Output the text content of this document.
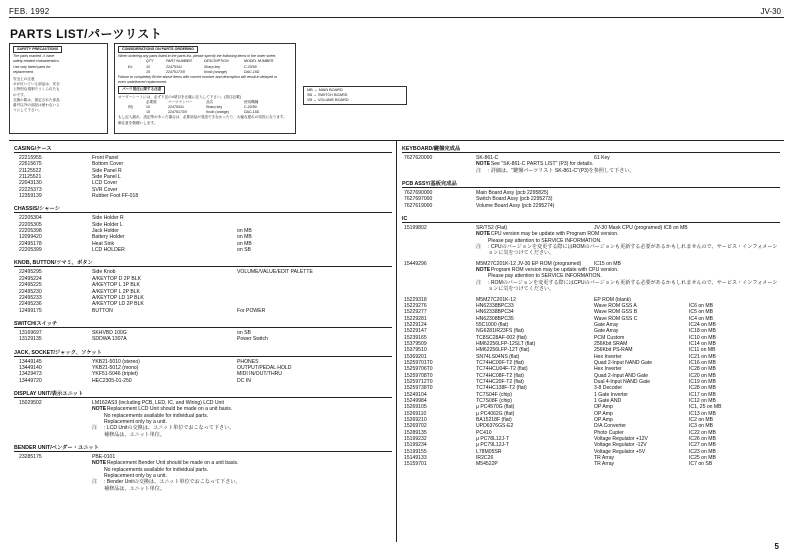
FEB. 1992	JV-30
PARTS LIST/パーツリスト
SAFETY PRECAUTIONS
The parts marked ⚠ have
safety-related characteristics.
Use only listed parts for
replacement.
安全上の注意
ネが付いている部品は、安全
上特別な規制でうくられたも
のです。
交換の際は、指定された部品
番号以外の部品は使わないよ
うにして下さい。
CONSIDERATIONS ON PARTS ORDERING
When ordering any parts listed in the parts list, please specify the following items in the order sheet.
QTY	PART NUMBER	DESCRIPTION	MODEL NUMBER
Ex.	10	22475341	Sharp key	C-20/50
15	22475173/0	Knob (orange)	DAC-15D
Failure to completely fill the above items with correct number and description will result in delayed or
even undelivered replacement.
パーツ発注に関する注意
オーダーシートには、必ず下記の4項目を正確に記入して下さい。(発注記載)
必要数	パーツナンバー	品名	使用機種
例)	10	22475341	Sharp key	C-20/50
15	22475173/0	Knob (orange)	DAC-15D
もし記入漏れ、誤記等があった場合は、必要部品が発送できなかったり、大幅な遅れの原因になります。
御注意を敬願いします。
MB → MAIN BOARD
SB → SWITCH BOARD
VB → VOLUME BOARD
CASING/ケース
22215955	Front Panel
22615675	Bottom Cover
21125522	Side Panel R
21125521	Side Panel L
22043130	LCD Cover
22225373	SVR Cover
12359139	Rubber Foot FF-018
CHASSIS/シャーシ
22205304	Side Holder R
22205305	Side Holder L
22205398	Jack Holder	on MB
12099420	Battery Holder	on MB
22495178	Heat Sink	on MB
22205399	LCD HOLDER	on SB
KNOB, BUTTON/ツマミ、ボタン
22495295	Side Knob	VOLUME/VALUE/EDIT PALETTE
22495224	A/KEYTOP D 2P BLK
22495225	A/KEYTOP L 1P BLK
22495230	A/KEYTOP L 2P BLK
22495233	A/KEYTOP LD 1P BLK
22495236	A/KEYTOP LD 2P BLK
12499175	BUTTON	For POWER
SWITCH/スイッチ
13169697	SKHVBD 100G	on SB
13129135	SDDWA 1307A	Power Switch
JACK, SOCKET/ジャック、ソケット
13449145	YKB21-5010 (stereo)	PHONES
13449140	YKB21-5012 (mono)	OUTPUT/PEDAL HOLD
13429473	YKF51-5046 (triplet)	MIDI IN/OUT/THRU
13449720	HEC2305-01-250	DC IN
DISPLAY UNIT/表示ユニット
15029502	LM162AS3 (including PCB, LED, IC, and Wiring) LCD Unit
NOTE
: Replacement LCD Unit should be made on a unit basis.
No replacements available for individual parts.
Replacement only by a unit.
注	: LCD Unitの交換は、ユニット単位でおこなって下さい。
補修品は、ユニット単位。
BENDER UNIT/ベンダー・ユニット
23285175	PBE-0101
NOTE
: Replacement Bender Unit should be made on a unit basis.
No replacements available for individual parts.
Replacement only by a unit.
注	: Bender Unitの交換は、ユニット単位でおこなって下さい。
補修品は、ユニット単位。
KEYBOARD/鍵盤完成品
7627620000	SK-861-C	61 Key
NOTE
: See "SK-861-C PARTS LIST" (P3) for details.
注	: 詳細は、"鍵盤パーツリスト SK-861-C"(P3)を参照して下さい。
PCB ASSY/基板完成品
7627690000	Main Board Assy (pcb 2295825)
7627697000	Switch Board Assy (pcb 2295273)
7627619000	Volume Board Assy (pcb 2295274)
IC
15199802	SR/TS2 (Flat)	JV-30 Mask CPU (programed) IC8 on MB
NOTE
: CPU version may be update with Program ROM version.
Please pay attention to SERVICE INFORMATION.
注	: CPUのバージョンを変更する際にはROMのバージョンも更新する必要があるかもしれませんので、サービス・インフォメーションに気をつけてください。
15449296	M5M27C201K-12 JV-30 EP ROM (programed)	IC15 on MB
NOTE
: Program ROM version may be update with CPU version.
Please pay attention to SERVICE INFORMATION.
注	: ROMのバージョンを変更する際にはCPUのバージョンも更新する必要があるかもしれませんので、サービス・インフォメーションに気をつけてください。
15229318	M5M27C201K-12	EP ROM (blank)
15229276	HN62338BPC33	Wave ROM GSS A	IC6 on MB
15229277	HN62338BPC34	Wave ROM GSS B	IC5 on MB
15229281	HN62308BPC35	Wave ROM GSS C	IC4 on MB
15229124	55C1000 (flat)	Gate Array	IC24 on MB
15229147	NG6281IR23FS (flat)	Gate Array	IC18 on MB
15239165	TC8SC28AF-002 (flat)	PCM Custom	IC10 on MB
15379509	HM62256LFP-12SLT (flat)	256Kbit SRAM	IC14 on MB
15379510	HM62256LFP-12T (flat)	256Kbit PS-RAM	IC11 on MB
15369201	SN74LS04NS (flat)	Hex Inverter	IC21 on MB
15259701T0	TC74HC00F-T2 (flat)	Quad 2-Input NAND Gate	IC16 on MB
15259706T0	TC74HCU04F-T2 (flat)	Hex Inverter	IC28 on MB
15259708T0	TC74HC08F-T2 (flat)	Quad 2-Input AND Gate	IC20 on MB
15259712T0	TC74HC20F-T2 (flat)	Dual 4-Input NAND Gate	IC19 on MB
15259738T0	TC74HC138F-T2 (flat)	3-8 Decoder	IC28 on MB
15249104	TC7S04F (chip)	1 Gate Inverter	IC17 on MB
15249984	TC7S08F (chip)	1 Gate AND	IC12 on MB
15269105	μ PC4570G (flat)	OP Amp	IC1, 25 on MB
15269110	μ PC4062G (flat)	OP Amp	IC13 on MB
15269210	BA15218F (flat)	OP Amp	IC2 on MB
15269702	UPD6376GS-E2	D/A Converter	IC3 on MB
15289135	PC410	Photo Cupler	IC22 on MB
15199232	μ PC78L12J-T	Voltage Regulator +12V	IC26 on MB
15199234	μ PC79L12J-T	Voltage Regulator -12V	IC27 on MB
15199155	L78M05SR	Voltage Regulator +5V	IC23 on MB
15149133	IR2C26	TR Array	IC25 on MB
15159701	M54522P	TR Array	IC7 on SB
5
